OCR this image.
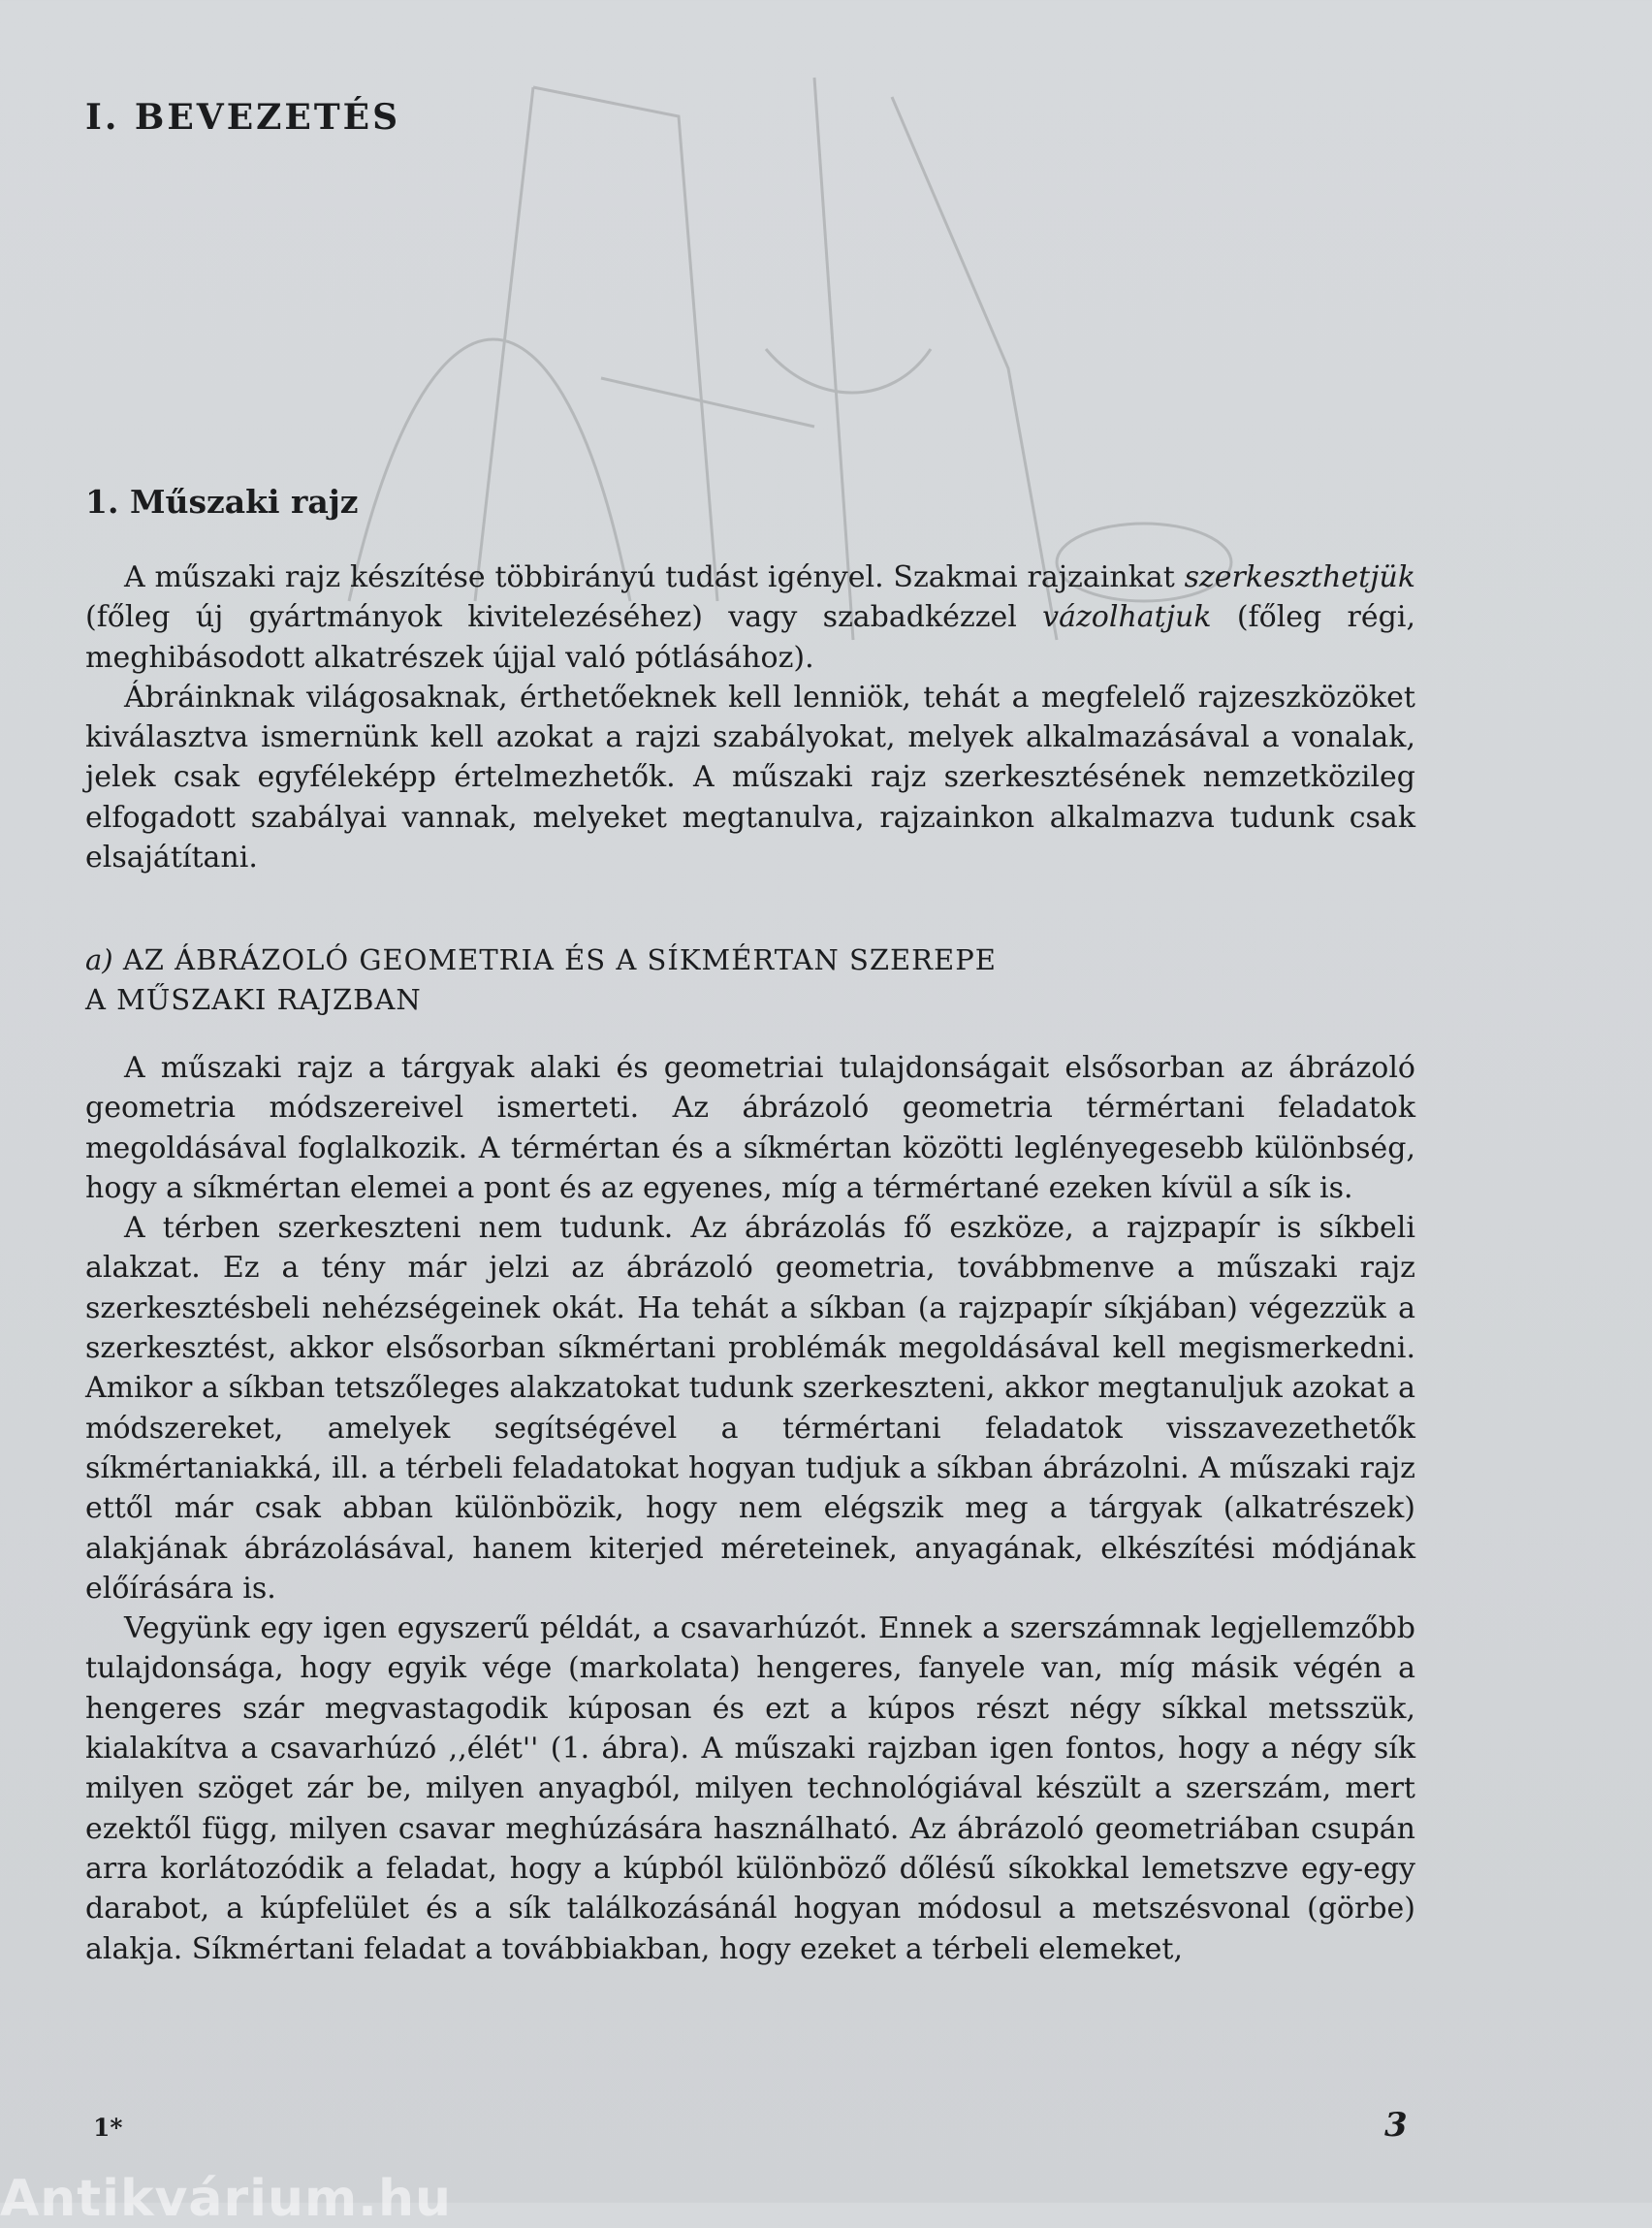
I. BEVEZETÉS
1. Műszaki rajz

A műszaki rajz készítése többirányú tudást igényel. Szakmai rajzainkat szerkeszthetjük (főleg új gyártmányok kivitelezéséhez) vagy szabadkézzel vázolhatjuk (főleg régi, meghibásodott alkatrészek újjal való pótlásához).

Ábráinknak világosaknak, érthetőeknek kell lenniök, tehát a megfelelő rajzeszközöket kiválasztva ismernünk kell azokat a rajzi szabályokat, melyek alkalmazásával a vonalak, jelek csak egyféleképp értelmezhetők. A műszaki rajz szerkesztésének nemzetközileg elfogadott szabályai vannak, melyeket megtanulva, rajzainkon alkalmazva tudunk csak elsajátítani.

a) AZ ÁBRÁZOLÓ GEOMETRIA ÉS A SÍKMÉRTAN SZEREPE
A MŰSZAKI RAJZBAN

A műszaki rajz a tárgyak alaki és geometriai tulajdonságait elsősorban az ábrázoló geometria módszereivel ismerteti. Az ábrázoló geometria térmértani feladatok megoldásával foglalkozik. A térmértan és a síkmértan közötti leglényegesebb különbség, hogy a síkmértan elemei a pont és az egyenes, míg a térmértané ezeken kívül a sík is.

A térben szerkeszteni nem tudunk. Az ábrázolás fő eszköze, a rajzpapír is síkbeli alakzat. Ez a tény már jelzi az ábrázoló geometria, továbbmenve a műszaki rajz szerkesztésbeli nehézségeinek okát. Ha tehát a síkban (a rajzpapír síkjában) végezzük a szerkesztést, akkor elsősorban síkmértani problémák megoldásával kell megismerkedni. Amikor a síkban tetszőleges alakzatokat tudunk szerkeszteni, akkor megtanuljuk azokat a módszereket, amelyek segítségével a térmértani feladatok visszavezethetők síkmértaniakká, ill. a térbeli feladatokat hogyan tudjuk a síkban ábrázolni. A műszaki rajz ettől már csak abban különbözik, hogy nem elégszik meg a tárgyak (alkatrészek) alakjának ábrázolásával, hanem kiterjed méreteinek, anyagának, elkészítési módjának előírására is.

Vegyünk egy igen egyszerű példát, a csavarhúzót. Ennek a szerszámnak legjellemzőbb tulajdonsága, hogy egyik vége (markolata) hengeres, fanyele van, míg másik végén a hengeres szár megvastagodik kúposan és ezt a kúpos részt négy síkkal metsszük, kialakítva a csavarhúzó ,,élét'' (1. ábra). A műszaki rajzban igen fontos, hogy a négy sík milyen szöget zár be, milyen anyagból, milyen technológiával készült a szerszám, mert ezektől függ, milyen csavar meghúzására használható. Az ábrázoló geometriában csupán arra korlátozódik a feladat, hogy a kúpból különböző dőlésű síkokkal lemetszve egy-egy darabot, a kúpfelület és a sík találkozásánál hogyan módosul a metszésvonal (görbe) alakja. Síkmértani feladat a továbbiakban, hogy ezeket a térbeli elemeket,

1*	3
Antikvárium.hu
